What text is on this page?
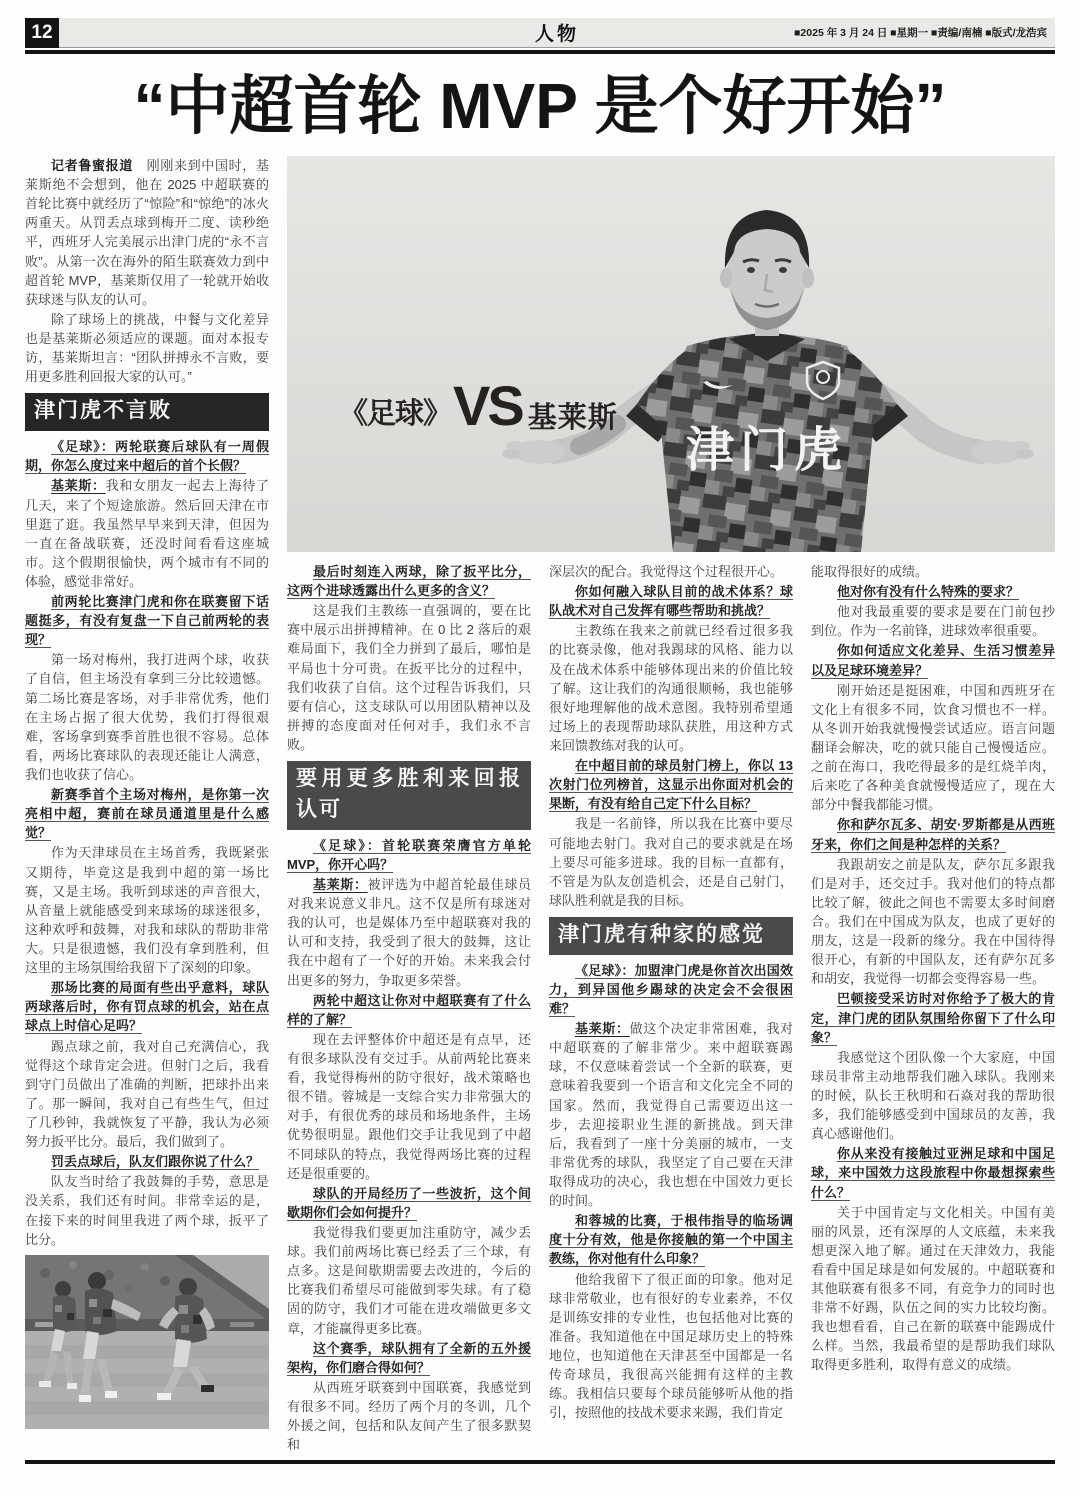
12	人物	■2025 年 3 月 24 日 ■星期一 ■责编/南楠 ■版式/龙浩宾
“中超首轮 MVP 是个好开始”

记者鲁蜜报道　 刚刚来到中国时，基莱斯绝不会想到，他在 2025 中超联赛的首轮比赛中就经历了“惊险”和“惊绝”的冰火两重天。从罚丢点球到梅开二度、读秒绝平，西班牙人完美展示出津门虎的“永不言败”。从第一次在海外的陌生联赛效力到中超首轮 MVP，基莱斯仅用了一轮就开始收获球迷与队友的认可。

除了球场上的挑战，中餐与文化差异也是基莱斯必须适应的课题。面对本报专访，基莱斯坦言：“团队拼搏永不言败，要用更多胜利回报大家的认可。”

津门虎不言败

《足球》：两轮联赛后球队有一周假期，你怎么度过来中超后的首个长假？

基莱斯：我和女朋友一起去上海待了几天，来了个短途旅游。然后回天津在市里逛了逛。我虽然早早来到天津，但因为一直在备战联赛，还没时间看看这座城市。这个假期很愉快，两个城市有不同的体验，感觉非常好。

前两轮比赛津门虎和你在联赛留下话题挺多，有没有复盘一下自己前两轮的表现？

第一场对梅州，我打进两个球，收获了自信，但主场没有拿到三分比较遗憾。第二场比赛是客场，对手非常优秀，他们在主场占据了很大优势，我们打得很艰难，客场拿到赛季首胜也很不容易。总体看，两场比赛球队的表现还能让人满意，我们也收获了信心。

新赛季首个主场对梅州，是你第一次亮相中超，赛前在球员通道里是什么感觉？

作为天津球员在主场首秀，我既紧张又期待，毕竟这是我到中超的第一场比赛，又是主场。我听到球迷的声音很大，从音量上就能感受到来球场的球迷很多，这种欢呼和鼓舞，对我和球队的帮助非常大。只是很遗憾，我们没有拿到胜利，但这里的主场氛围给我留下了深刻的印象。

那场比赛的局面有些出乎意料，球队两球落后时，你有罚点球的机会，站在点球点上时信心足吗？

踢点球之前，我对自己充满信心，我觉得这个球肯定会进。但射门之后，我看到守门员做出了准确的判断，把球扑出来了。那一瞬间，我对自己有些生气，但过了几秒钟，我就恢复了平静，我认为必须努力扳平比分。最后，我们做到了。

罚丢点球后，队友们跟你说了什么？

队友当时给了我鼓舞的手势，意思是没关系，我们还有时间。非常幸运的是，在接下来的时间里我进了两个球，扳平了比分。

津门虎
《足球》 VS 基莱斯

最后时刻连入两球，除了扳平比分，这两个进球透露出什么更多的含义？

这是我们主教练一直强调的，要在比赛中展示出拼搏精神。在 0 比 2 落后的艰难局面下，我们全力拼到了最后，哪怕是平局也十分可贵。在扳平比分的过程中，我们收获了自信。这个过程告诉我们，只要有信心，这支球队可以用团队精神以及拼搏的态度面对任何对手，我们永不言败。

要用更多胜利来回报认可

《足球》：首轮联赛荣膺官方单轮 MVP，你开心吗？

基莱斯：被评选为中超首轮最佳球员对我来说意义非凡。这不仅是所有球迷对我的认可，也是媒体乃至中超联赛对我的认可和支持，我受到了很大的鼓舞，这让我在中超有了一个好的开始。未来我会付出更多的努力，争取更多荣誉。

两轮中超这让你对中超联赛有了什么样的了解？

现在去评整体价中超还是有点早，还有很多球队没有交过手。从前两轮比赛来看，我觉得梅州的防守很好，战术策略也很不错。蓉城是一支综合实力非常强大的对手，有很优秀的球员和场地条件，主场优势很明显。跟他们交手让我见到了中超不同球队的特点，我觉得两场比赛的过程还是很重要的。

球队的开局经历了一些波折，这个间歇期你们会如何提升？

我觉得我们要更加注重防守，减少丢球。我们前两场比赛已经丢了三个球，有点多。这是间歇期需要去改进的，今后的比赛我们希望尽可能做到零失球。有了稳固的防守，我们才可能在进攻端做更多文章，才能赢得更多比赛。

这个赛季，球队拥有了全新的五外援架构，你们磨合得如何？

从西班牙联赛到中国联赛，我感觉到有很多不同。经历了两个月的冬训，几个外援之间，包括和队友间产生了很多默契和

深层次的配合。我觉得这个过程很开心。

你如何融入球队目前的战术体系？球队战术对自己发挥有哪些帮助和挑战？

主教练在我来之前就已经看过很多我的比赛录像，他对我踢球的风格、能力以及在战术体系中能够体现出来的价值比较了解。这让我们的沟通很顺畅，我也能够很好地理解他的战术意图。我特别希望通过场上的表现帮助球队获胜，用这种方式来回馈教练对我的认可。

在中超目前的球员射门榜上，你以 13 次射门位列榜首，这显示出你面对机会的果断，有没有给自己定下什么目标？

我是一名前锋，所以我在比赛中要尽可能地去射门。我对自己的要求就是在场上要尽可能多进球。我的目标一直都有，不管是为队友创造机会，还是自己射门，球队胜利就是我的目标。

津门虎有种家的感觉

《足球》：加盟津门虎是你首次出国效力，到异国他乡踢球的决定会不会很困难？

基莱斯：做这个决定非常困难，我对中超联赛的了解非常少。来中超联赛踢球，不仅意味着尝试一个全新的联赛，更意味着我要到一个语言和文化完全不同的国家。然而，我觉得自己需要迈出这一步，去迎接职业生涯的新挑战。到天津后，我看到了一座十分美丽的城市，一支非常优秀的球队，我坚定了自己要在天津取得成功的决心，我也想在中国效力更长的时间。

和蓉城的比赛，于根伟指导的临场调度十分有效，他是你接触的第一个中国主教练，你对他有什么印象？

他给我留下了很正面的印象。他对足球非常敬业，也有很好的专业素养，不仅是训练安排的专业性，也包括他对比赛的准备。我知道他在中国足球历史上的特殊地位，也知道他在天津甚至中国都是一名传奇球员，我很高兴能拥有这样的主教练。我相信只要每个球员能够听从他的指引，按照他的技战术要求来踢，我们肯定

能取得很好的成绩。

他对你有没有什么特殊的要求？

他对我最重要的要求是要在门前包抄到位。作为一名前锋，进球效率很重要。

你如何适应文化差异、生活习惯差异以及足球环境差异？

刚开始还是挺困难，中国和西班牙在文化上有很多不同，饮食习惯也不一样。从冬训开始我就慢慢尝试适应。语言问题翻译会解决，吃的就只能自己慢慢适应。之前在海口，我吃得最多的是红烧羊肉，后来吃了各种美食就慢慢适应了，现在大部分中餐我都能习惯。

你和萨尔瓦多、胡安·罗斯都是从西班牙来，你们之间是种怎样的关系？

我跟胡安之前是队友，萨尔瓦多跟我们是对手，还交过手。我对他们的特点都比较了解，彼此之间也不需要太多时间磨合。我们在中国成为队友，也成了更好的朋友，这是一段新的缘分。我在中国待得很开心，有新的中国队友，还有萨尔瓦多和胡安，我觉得一切都会变得容易一些。

巴顿接受采访时对你给予了极大的肯定，津门虎的团队氛围给你留下了什么印象？

我感觉这个团队像一个大家庭，中国球员非常主动地帮我们融入球队。我刚来的时候，队长王秋明和石焱对我的帮助很多，我们能够感受到中国球员的友善，我真心感谢他们。

你从来没有接触过亚洲足球和中国足球，来中国效力这段旅程中你最想探索些什么？

关于中国肯定与文化相关。中国有美丽的风景，还有深厚的人文底蕴，未来我想更深入地了解。通过在天津效力，我能看看中国足球是如何发展的。中超联赛和其他联赛有很多不同，有竞争力的同时也非常不好踢，队伍之间的实力比较均衡。我也想看看，自己在新的联赛中能踢成什么样。当然，我最希望的是帮助我们球队取得更多胜利，取得有意义的成绩。
